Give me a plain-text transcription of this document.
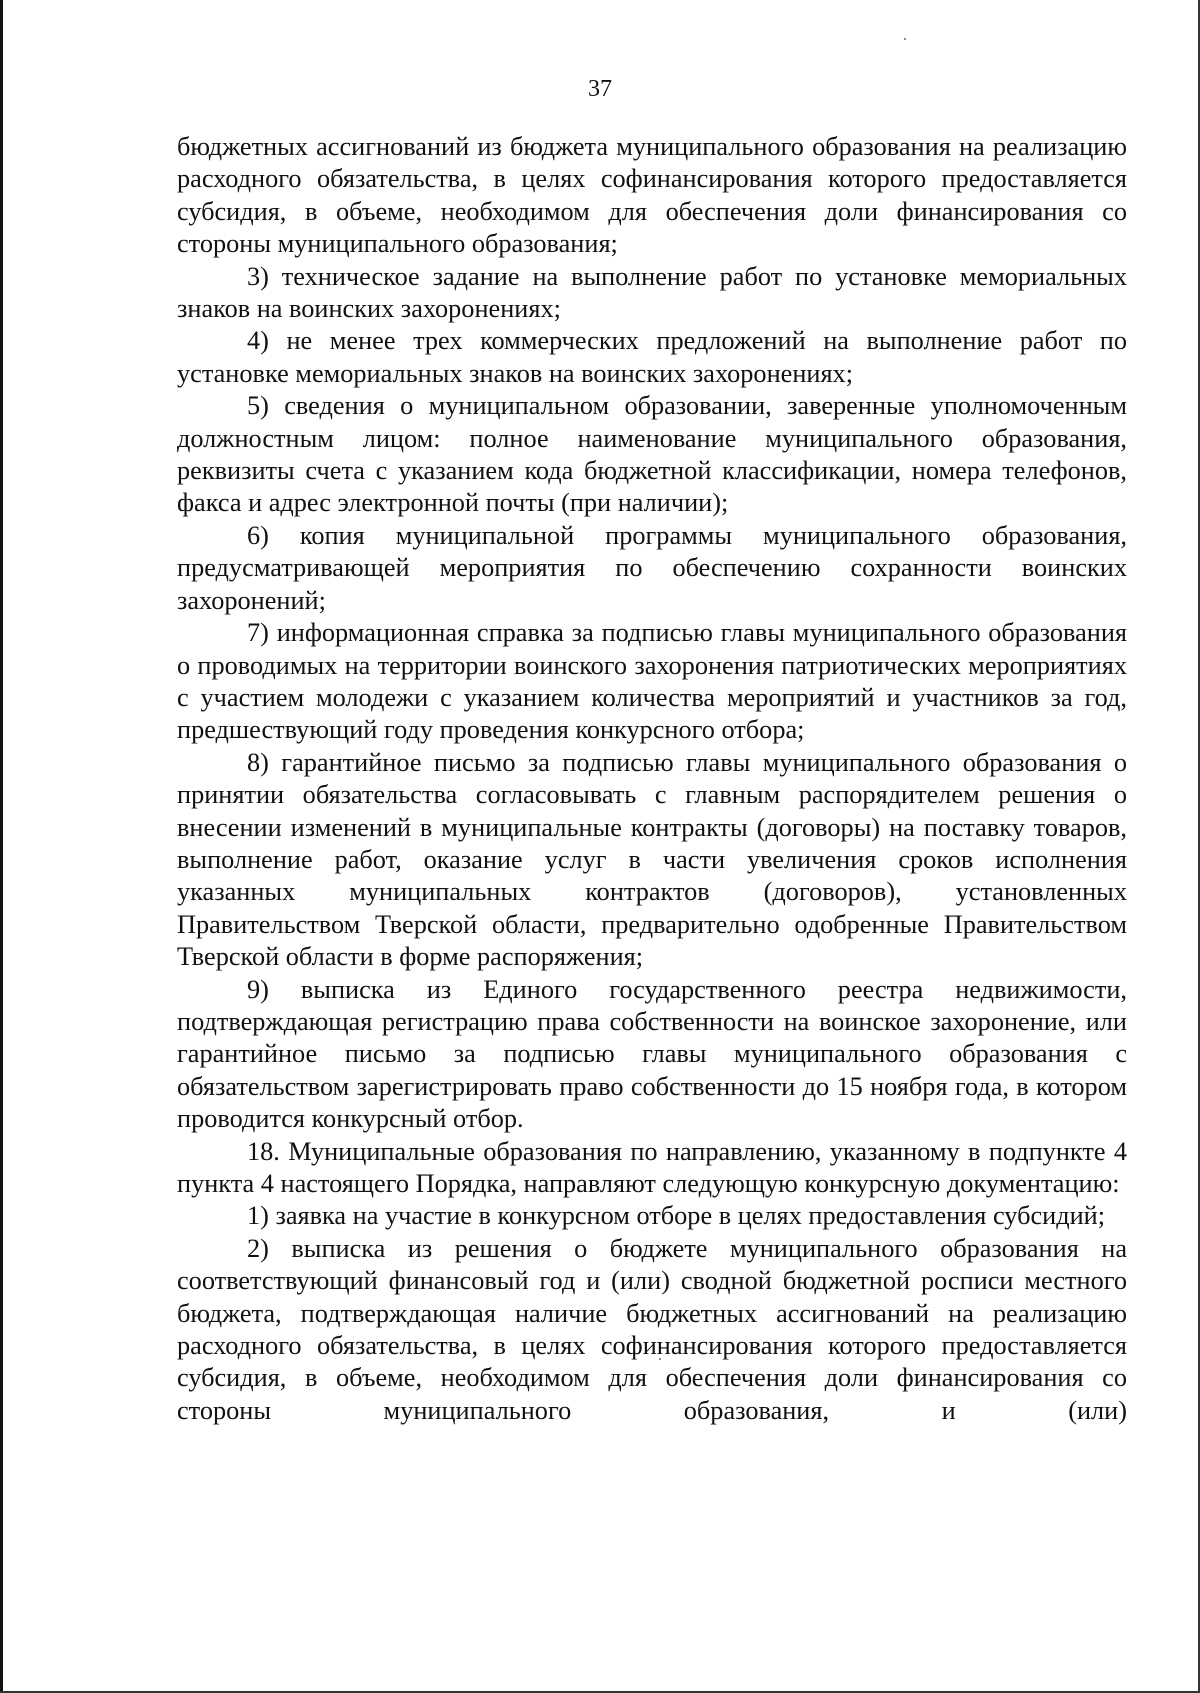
37

бюджетных ассигнований из бюджета муниципального образования на реализацию расходного обязательства, в целях софинансирования которого предоставляется субсидия, в объеме, необходимом для обеспечения доли финансирования со стороны муниципального образования;

3) техническое задание на выполнение работ по установке мемориальных знаков на воинских захоронениях;

4) не менее трех коммерческих предложений на выполнение работ по установке мемориальных знаков на воинских захоронениях;

5) сведения о муниципальном образовании, заверенные уполномоченным должностным лицом: полное наименование муниципального образования, реквизиты счета с указанием кода бюджетной классификации, номера телефонов, факса и адрес электронной почты (при наличии);

6) копия муниципальной программы муниципального образования, предусматривающей мероприятия по обеспечению сохранности воинских захоронений;

7) информационная справка за подписью главы муниципального образования о проводимых на территории воинского захоронения патриотических мероприятиях с участием молодежи с указанием количества мероприятий и участников за год, предшествующий году проведения конкурсного отбора;

8) гарантийное письмо за подписью главы муниципального образования о принятии обязательства согласовывать с главным распорядителем решения о внесении изменений в муниципальные контракты (договоры) на поставку товаров, выполнение работ, оказание услуг в части увеличения сроков исполнения указанных муниципальных контрактов (договоров), установленных Правительством Тверской области, предварительно одобренные Правительством Тверской области в форме распоряжения;

9) выписка из Единого государственного реестра недвижимости, подтверждающая регистрацию права собственности на воинское захоронение, или гарантийное письмо за подписью главы муниципального образования с обязательством зарегистрировать право собственности до 15 ноября года, в котором проводится конкурсный отбор.

18. Муниципальные образования по направлению, указанному в подпункте 4 пункта 4 настоящего Порядка, направляют следующую конкурсную документацию:

1) заявка на участие в конкурсном отборе в целях предоставления субсидий;

2) выписка из решения о бюджете муниципального образования на соответствующий финансовый год и (или) сводной бюджетной росписи местного бюджета, подтверждающая наличие бюджетных ассигнований на реализацию расходного обязательства, в целях софинансирования которого предоставляется субсидия, в объеме, необходимом для обеспечения доли финансирования со стороны муниципального образования, и (или)
